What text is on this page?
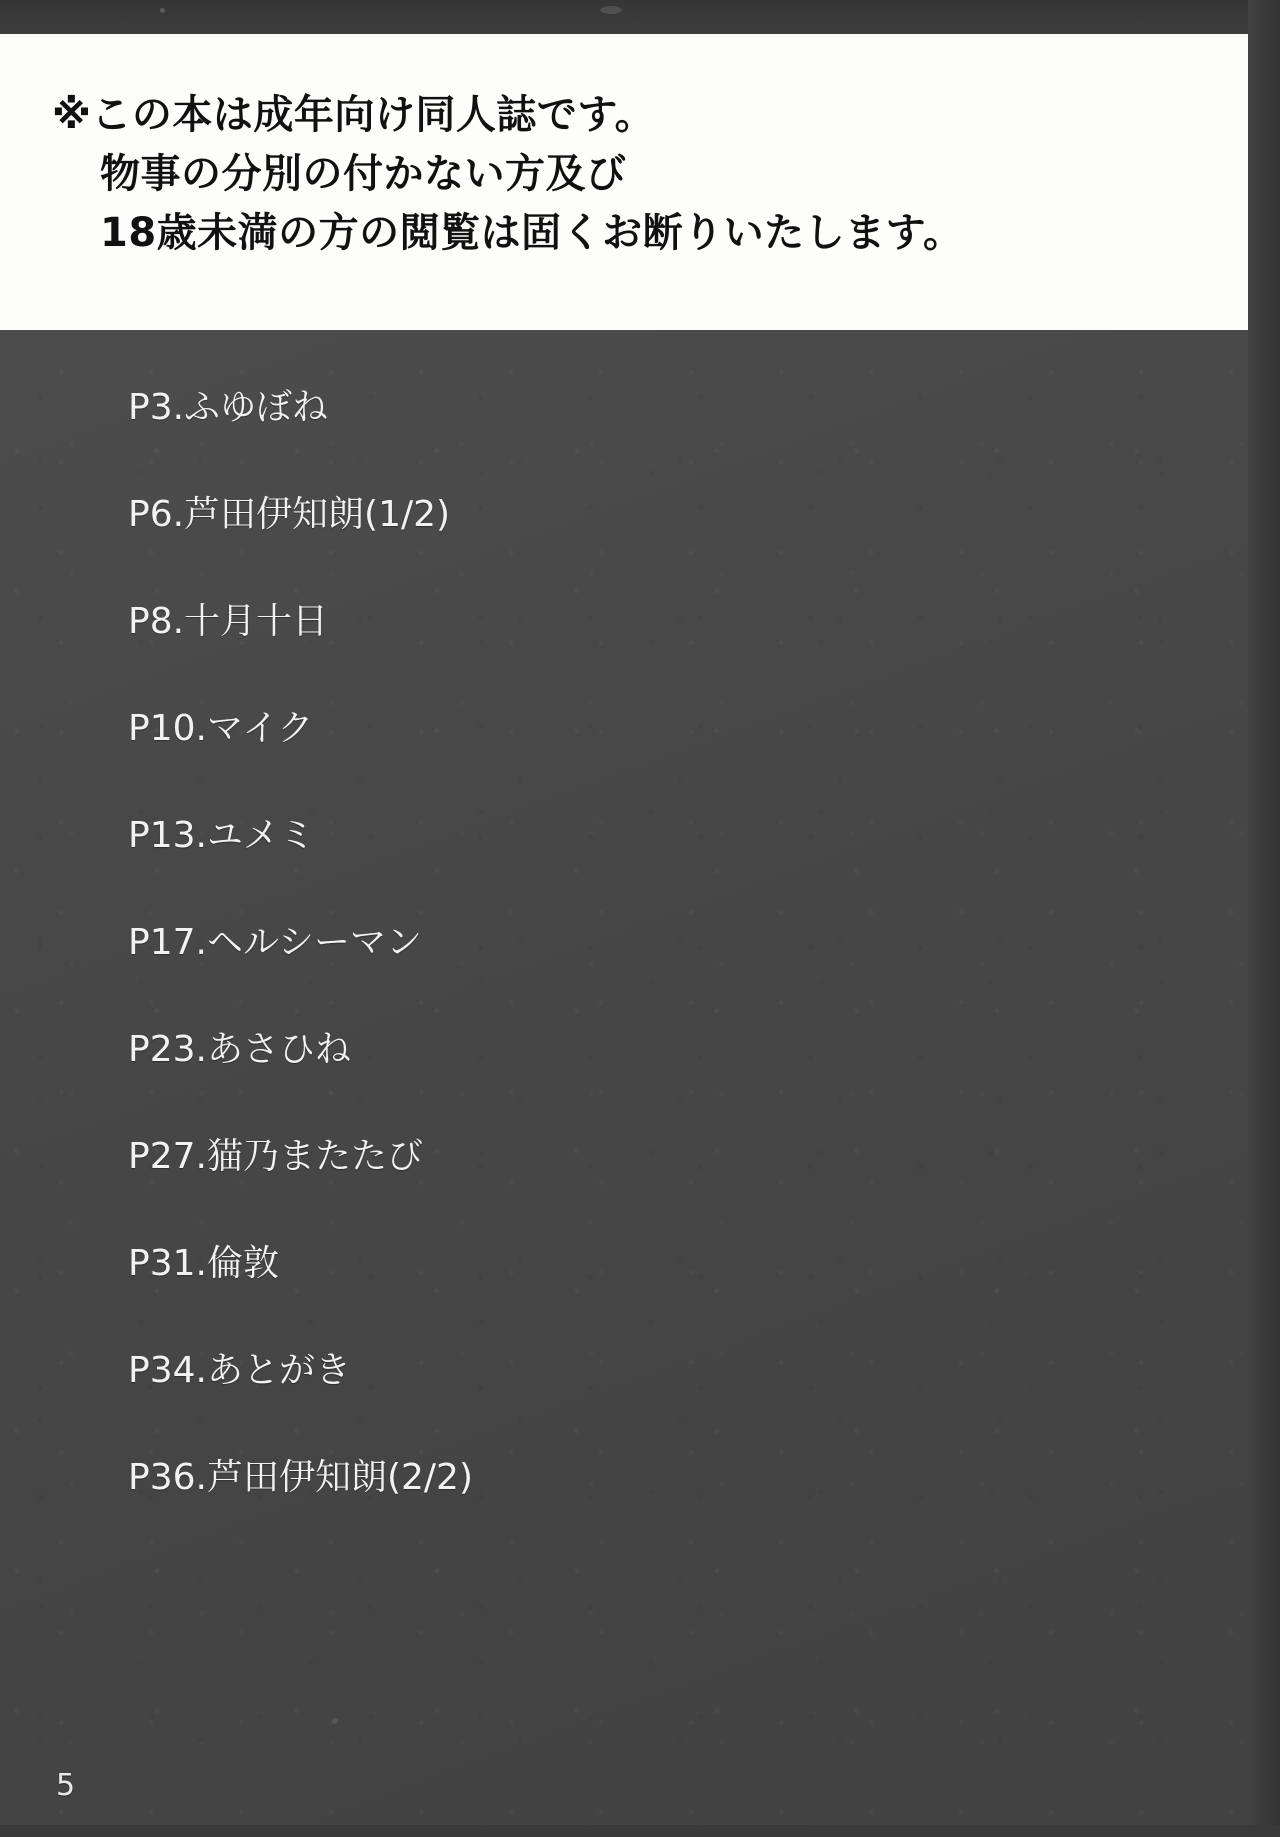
※この本は成年向け同人誌です。
物事の分別の付かない方及び
18歳未満の方の閲覧は固くお断りいたします。
P3.ふゆぼね
P6.芦田伊知朗(1/2)
P8.十月十日
P10.マイク
P13.ユメミ
P17.ヘルシーマン
P23.あさひね
P27.猫乃またたび
P31.倫敦
P34.あとがき
P36.芦田伊知朗(2/2)
5
